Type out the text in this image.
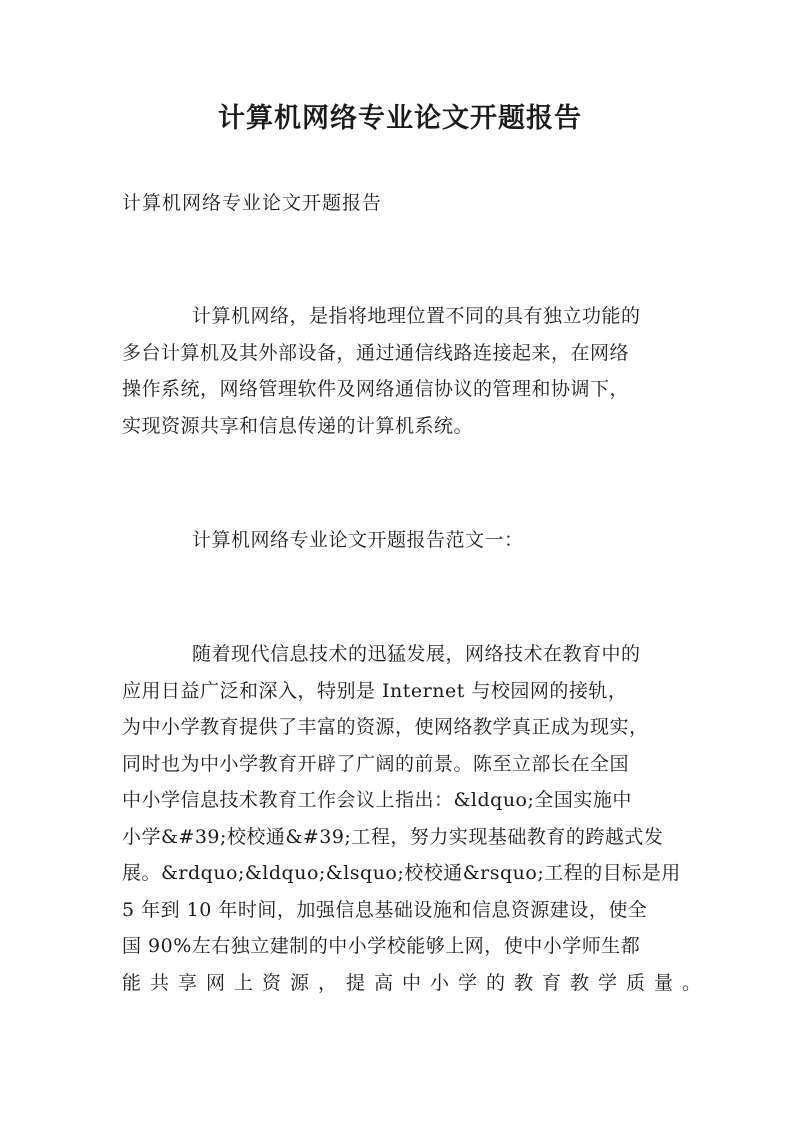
计算机网络专业论文开题报告

计算机网络专业论文开题报告

计算机网络，是指将地理位置不同的具有独立功能的
多台计算机及其外部设备，通过通信线路连接起来，在网络
操作系统，网络管理软件及网络通信协议的管理和协调下，
实现资源共享和信息传递的计算机系统。
计算机网络专业论文开题报告范文一：
随着现代信息技术的迅猛发展，网络技术在教育中的
应用日益广泛和深入，特别是 Internet 与校园网的接轨，
为中小学教育提供了丰富的资源，使网络教学真正成为现实，
同时也为中小学教育开辟了广阔的前景。陈至立部长在全国
中小学信息技术教育工作会议上指出：&ldquo;全国实施中
小学&#39;校校通&#39;工程，努力实现基础教育的跨越式发
展。&rdquo;&ldquo;&lsquo;校校通&rsquo;工程的目标是用
5 年到 10 年时间，加强信息基础设施和信息资源建设，使全
国 90%左右独立建制的中小学校能够上网，使中小学师生都
能共享网上资源，提高中小学的教育教学质量。
